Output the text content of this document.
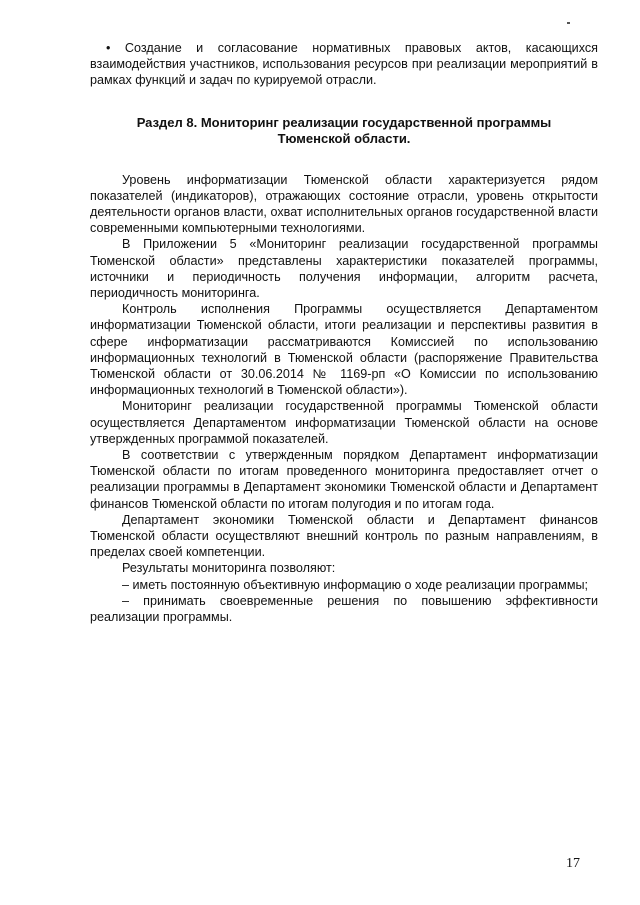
• Создание и согласование нормативных правовых актов, касающихся взаимодействия участников, использования ресурсов при реализации мероприятий в рамках функций и задач по курируемой отрасли.

Раздел 8. Мониторинг реализации государственной программы
Тюменской области.

Уровень информатизации Тюменской области характеризуется рядом показателей (индикаторов), отражающих состояние отрасли, уровень открытости деятельности органов власти, охват исполнительных органов государственной власти современными компьютерными технологиями.

В Приложении 5 «Мониторинг реализации государственной программы Тюменской области» представлены характеристики показателей программы, источники и периодичность получения информации, алгоритм расчета, периодичность мониторинга.

Контроль исполнения Программы осуществляется Департаментом информатизации Тюменской области, итоги реализации и перспективы развития в сфере информатизации рассматриваются Комиссией по использованию информационных технологий в Тюменской области (распоряжение Правительства Тюменской области от 30.06.2014 № 1169-рп «О Комиссии по использованию информационных технологий в Тюменской области»).

Мониторинг реализации государственной программы Тюменской области осуществляется Департаментом информатизации Тюменской области на основе утвержденных программой показателей.

В соответствии с утвержденным порядком Департамент информатизации Тюменской области по итогам проведенного мониторинга предоставляет отчет о реализации программы в Департамент экономики Тюменской области и Департамент финансов Тюменской области по итогам полугодия и по итогам года.

Департамент экономики Тюменской области и Департамент финансов Тюменской области осуществляют внешний контроль по разным направлениям, в пределах своей компетенции.

Результаты мониторинга позволяют:

– иметь постоянную объективную информацию о ходе реализации программы;

– принимать своевременные решения по повышению эффективности реализации программы.

17
